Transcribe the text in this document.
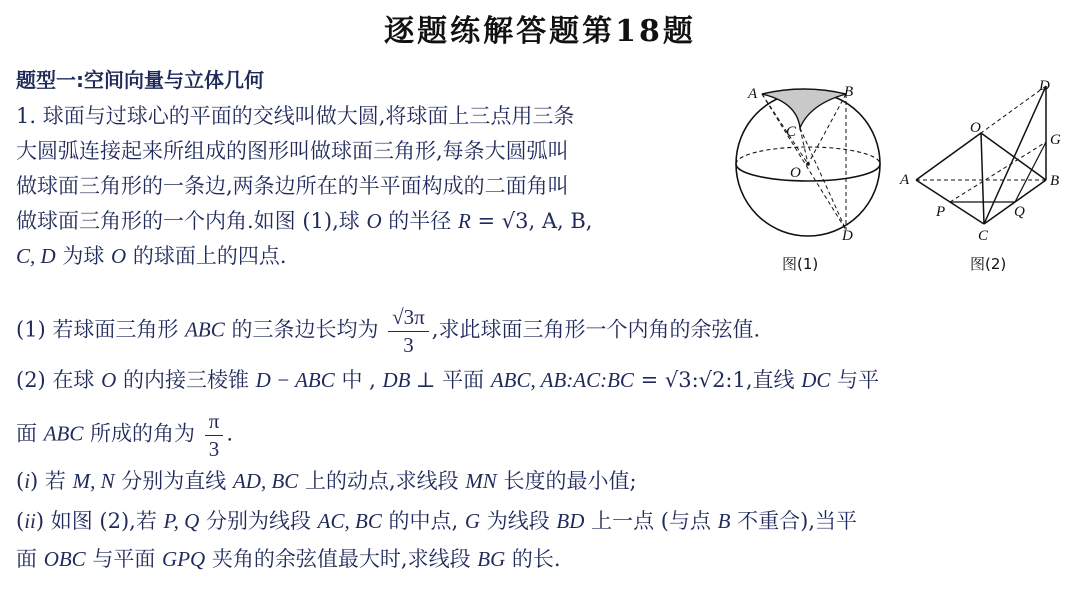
逐题练解答题第18题
题型一:空间向量与立体几何
1. 球面与过球心的平面的交线叫做大圆,将球面上三点用三条
大圆弧连接起来所组成的图形叫做球面三角形,每条大圆弧叫
做球面三角形的一条边,两条边所在的半平面构成的二面角叫
做球面三角形的一个内角.如图 (1),球 O 的半径 R = √3, A, B,
C, D 为球 O 的球面上的四点.
A	B
C
O
D
图(1)
D
O
G
A	B
P	Q
C
图(2)
(1) 若球面三角形 ABC 的三条边长均为 $\frac{√3\pi}{3}$ ,求此球面三角形一个内角的余弦值.
(2) 在球 O 的内接三棱锥 D − ABC 中 , DB ⊥ 平面 ABC, AB:AC:BC = √3:√2:1,直线 DC 与平
面 ABC 所成的角为 $\frac{\pi}{3}$ .
(i) 若 M, N 分别为直线 AD, BC 上的动点,求线段 MN 长度的最小值;
(ii) 如图 (2),若 P, Q 分别为线段 AC, BC 的中点, G 为线段 BD 上一点 (与点 B 不重合),当平
面 OBC 与平面 GPQ 夹角的余弦值最大时,求线段 BG 的长.
